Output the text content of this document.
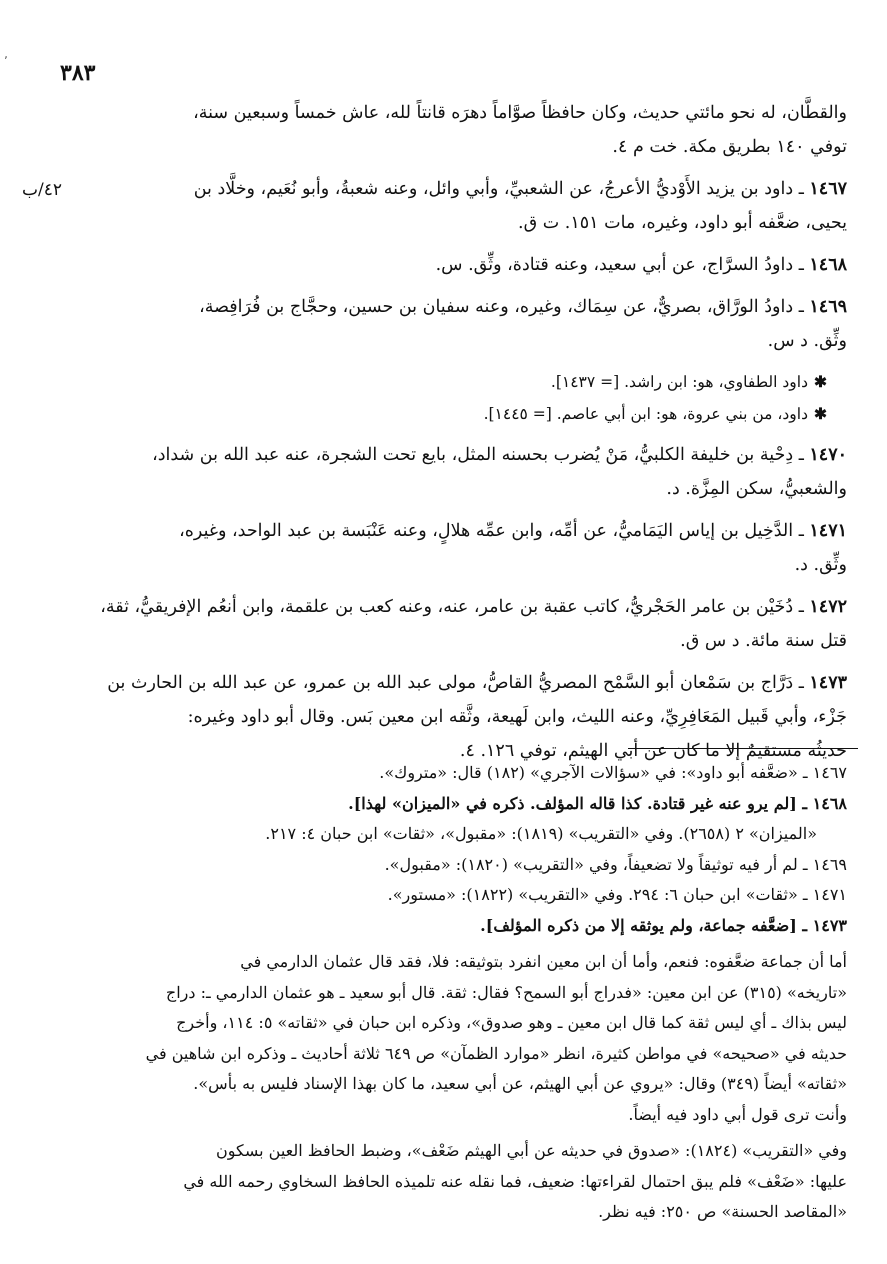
٬ ٣٨٣
٤٢/ب
والقطَّان، له نحو مائتي حديث، وكان حافظاً صوَّاماً دهرَه قانتاً لله، عاش خمساً وسبعين سنة،
توفي ١٤٠ بطريق مكة. خت م ٤.
١٤٦٧ ـ داود بن يزيد الأَوْديُّ الأعرجُ، عن الشعبيِّ، وأبي وائل، وعنه شعبةُ، وأبو نُعَيم، وخلَّاد بن
يحيى، ضعَّفه أبو داود، وغيره، مات ١٥١. ت ق.
١٤٦٨ ـ داودُ السرَّاج، عن أبي سعيد، وعنه قتادة، وثِّق. س.
١٤٦٩ ـ داودُ الورَّاق، بصريٌّ، عن سِمَاك، وغيره، وعنه سفيان بن حسين، وحجَّاج بن فُرَافِصة،
وثِّق. د س.
✱داود الطفاوي، هو: ابن راشد. [= ١٤٣٧].
✱داود، من بني عروة، هو: ابن أبي عاصم. [= ١٤٤٥].
١٤٧٠ ـ دِحْية بن خليفة الكلبيُّ، مَنْ يُضرب بحسنه المثل، بايع تحت الشجرة، عنه عبد الله بن شداد،
والشعبيُّ، سكن المِزَّة. د.
١٤٧١ ـ الدَّخِيل بن إياس اليَمَاميُّ، عن أمِّه، وابن عمِّه هلالٍ، وعنه عَنْبَسة بن عبد الواحد، وغيره،
وثِّق. د.
١٤٧٢ ـ دُخَيْن بن عامر الحَجْريُّ، كاتب عقبة بن عامر، عنه، وعنه كعب بن علقمة، وابن أنعُم الإفريقيُّ، ثقة،
قتل سنة مائة. د س ق.
١٤٧٣ ـ دَرَّاج بن سَمْعان أبو السَّمْح المصريُّ القاصُّ، مولى عبد الله بن عمرو، عن عبد الله بن الحارث بن
جَزْء، وأبي قَبيل المَعَافِرِيِّ، وعنه الليث، وابن لَهيعة، وثَّقه ابن معين بَس. وقال أبو داود وغيره:
حديثُه مستقيمٌ إلا ما كان عن أبي الهيثم، توفي ١٢٦. ٤.
١٤٦٧ ـ «ضعَّفه أبو داود»: في «سؤالات الآجري» (١٨٢) قال: «متروك».
١٤٦٨ ـ [لم يرو عنه غير قتادة. كذا قاله المؤلف. ذكره في «الميزان» لهذا].
«الميزان» ٢ (٢٦٥٨). وفي «التقريب» (١٨١٩): «مقبول»، «ثقات» ابن حبان ٤: ٢١٧.
١٤٦٩ ـ لم أر فيه توثيقاً ولا تضعيفاً، وفي «التقريب» (١٨٢٠): «مقبول».
١٤٧١ ـ «ثقات» ابن حبان ٦: ٢٩٤. وفي «التقريب» (١٨٢٢): «مستور».
١٤٧٣ ـ [ضعَّفه جماعة، ولم يوثقه إلا من ذكره المؤلف].
أما أن جماعة ضعَّفوه: فنعم، وأما أن ابن معين انفرد بتوثيقه: فلا، فقد قال عثمان الدارمي في
«تاريخه» (٣١٥) عن ابن معين: «فدراج أبو السمح؟ فقال: ثقة. قال أبو سعيد ـ هو عثمان الدارمي ـ: دراج
ليس بذاك ـ أي ليس ثقة كما قال ابن معين ـ وهو صدوق»، وذكره ابن حبان في «ثقاته» ٥: ١١٤، وأخرج
حديثه في «صحيحه» في مواطن كثيرة، انظر «موارد الظمآن» ص ٦٤٩ ثلاثة أحاديث ـ وذكره ابن شاهين في
«ثقاته» أيضاً (٣٤٩) وقال: «يروي عن أبي الهيثم، عن أبي سعيد، ما كان بهذا الإسناد فليس به بأس».
وأنت ترى قول أبي داود فيه أيضاً.
وفي «التقريب» (١٨٢٤): «صدوق في حديثه عن أبي الهيثم ضَعْف»، وضبط الحافظ العين بسكون
عليها: «ضَعْف» فلم يبق احتمال لقراءتها: ضعيف، فما نقله عنه تلميذه الحافظ السخاوي رحمه الله في
«المقاصد الحسنة» ص ٢٥٠: فيه نظر.
